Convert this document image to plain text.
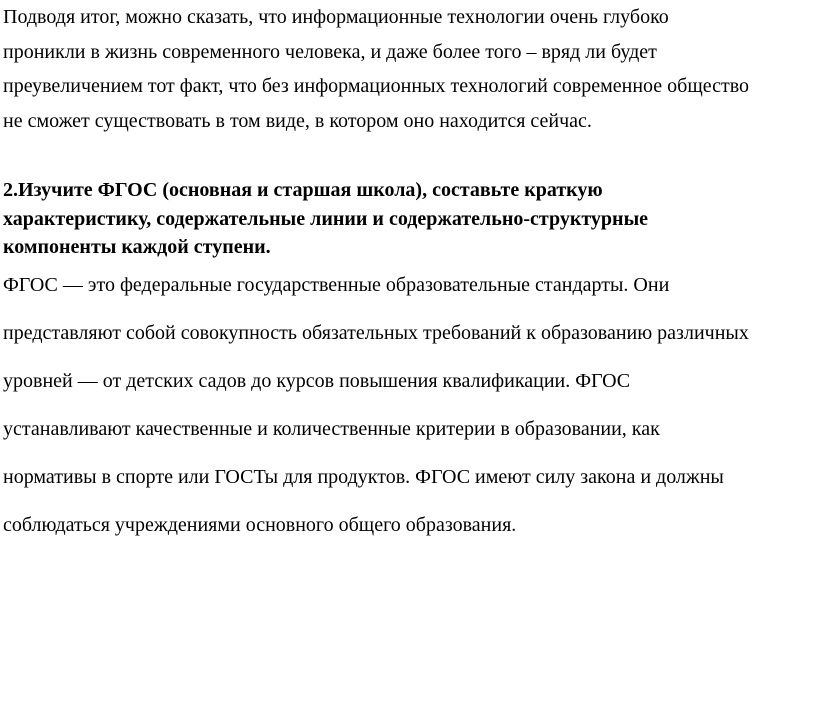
Подводя итог, можно сказать, что информационные технологии очень глубоко
проникли в жизнь современного человека, и даже более того – вряд ли будет
преувеличением тот факт, что без информационных технологий современное общество
не сможет существовать в том виде, в котором оно находится сейчас.

2.Изучите ФГОС (основная и старшая школа), составьте краткую
характеристику, содержательные линии и содержательно-структурные
компоненты каждой ступени.

ФГОС — это федеральные государственные образовательные стандарты. Они
представляют собой совокупность обязательных требований к образованию различных
уровней — от детских садов до курсов повышения квалификации. ФГОС
устанавливают качественные и количественные критерии в образовании, как
нормативы в спорте или ГОСТы для продуктов. ФГОС имеют силу закона и должны
соблюдаться учреждениями основного общего образования.
